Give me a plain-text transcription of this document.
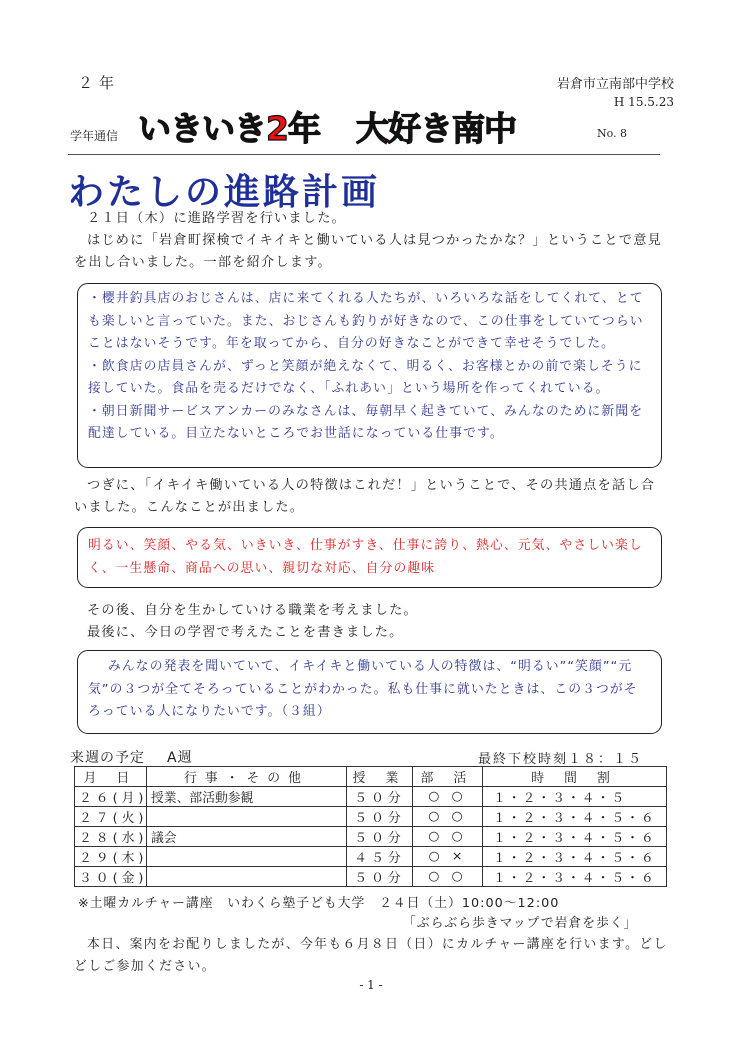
２年	岩倉市立南部中学校
H 15.5.23
学年通信 いきいき2年 大好き南中	No. 8
わたしの進路計画
２１日（木）に進路学習を行いました。
はじめに「岩倉町探検でイキイキと働いている人は見つかったかな？」ということで意見を出し合いました。一部を紹介します。
・櫻井釣具店のおじさんは、店に来てくれる人たちが、いろいろな話をしてくれて、とても楽しいと言っていた。また、おじさんも釣りが好きなので、この仕事をしていてつらいことはないそうです。年を取ってから、自分の好きなことができて幸せそうでした。
・飲食店の店員さんが、ずっと笑顔が絶えなくて、明るく、お客様とかの前で楽しそうに接していた。食品を売るだけでなく、「ふれあい」という場所を作ってくれている。
・朝日新聞サービスアンカーのみなさんは、毎朝早く起きていて、みんなのために新聞を配達している。目立たないところでお世話になっている仕事です。
つぎに、「イキイキ働いている人の特徴はこれだ！」ということで、その共通点を話し合いました。こんなことが出ました。
明るい、笑顔、やる気、いきいき、仕事がすき、仕事に誇り、熱心、元気、やさしい楽しく、一生懸命、商品への思い、親切な対応、自分の趣味
その後、自分を生かしていける職業を考えました。
最後に、今日の学習で考えたことを書きました。
みんなの発表を聞いていて、イキイキと働いている人の特徴は、“明るい”“笑顔”“元気”の３つが全てそろっていることがわかった。私も仕事に就いたときは、この３つがそろっている人になりたいです。（３組）
来週の予定 A週	最終下校時刻１８：１５
月 日	行事・その他	授 業	部 活	時 間 割
２６(月)	授業、部活動参観	５０分	○ ○	１・２・３・４・５
２７(火)		５０分	○ ○	１・２・３・４・５・６
２８(水)	議会	５０分	○ ○	１・２・３・４・５・６
２９(木)		４５分	○ ×	１・２・３・４・５・６
３０(金)		５０分	○ ○	１・２・３・４・５・６
※土曜カルチャー講座　いわくら塾子ども大学　２４日（土）10:00～12:00
「ぶらぶら歩きマップで岩倉を歩く」
本日、案内をお配りしましたが、今年も６月８日（日）にカルチャー講座を行います。どしどしご参加ください。
- 1 -
